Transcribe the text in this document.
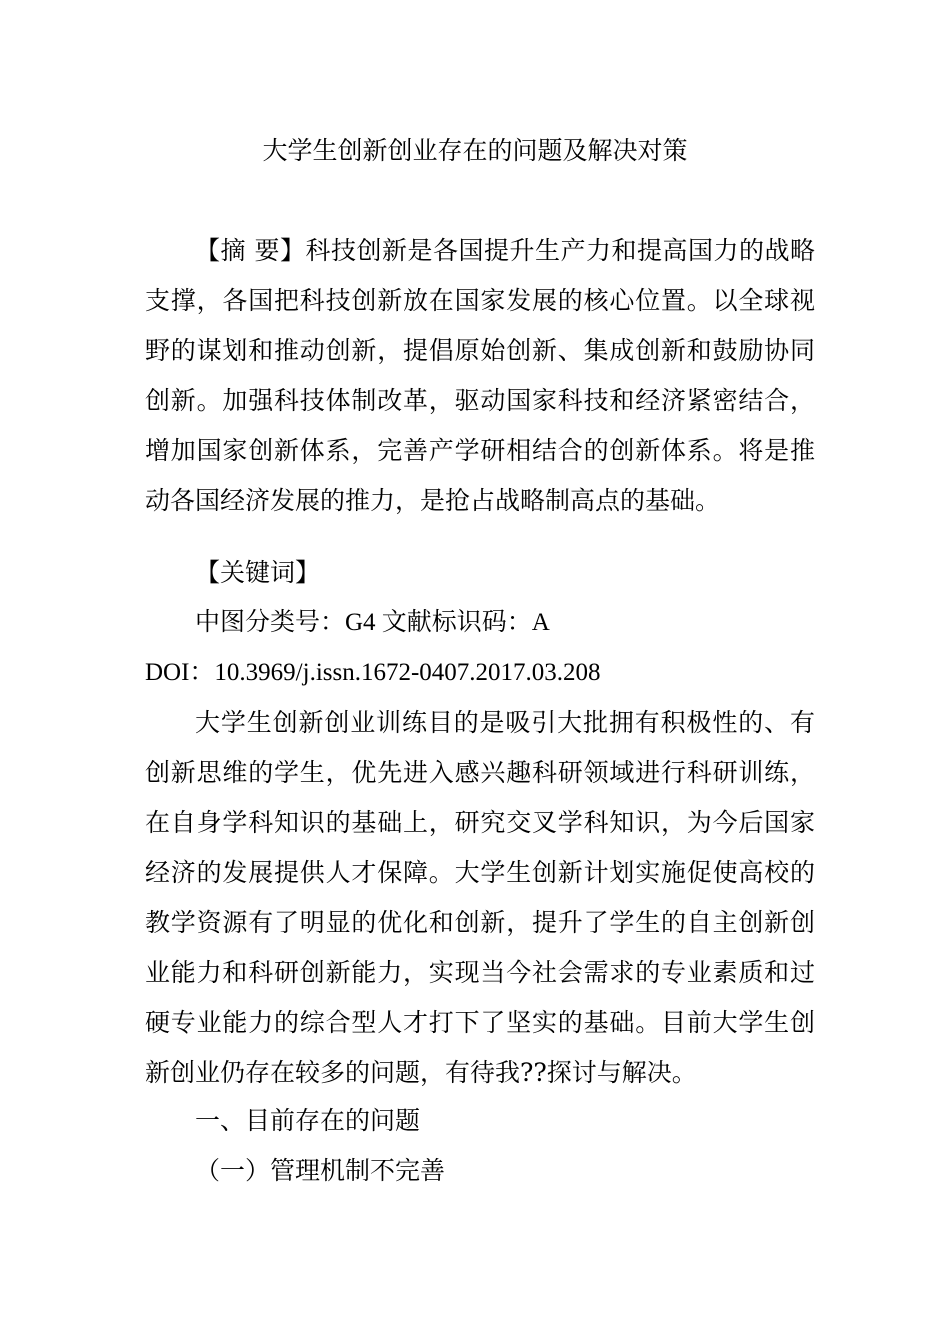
大学生创新创业存在的问题及解决对策

【摘 要】科技创新是各国提升生产力和提高国力的战略支撑，各国把科技创新放在国家发展的核心位置。以全球视野的谋划和推动创新，提倡原始创新、集成创新和鼓励协同创新。加强科技体制改革，驱动国家科技和经济紧密结合，增加国家创新体系，完善产学研相结合的创新体系。将是推动各国经济发展的推力，是抢占战略制高点的基础。

【关键词】

中图分类号：G4 文献标识码：A

DOI：10.3969/j.issn.1672-0407.2017.03.208

大学生创新创业训练目的是吸引大批拥有积极性的、有创新思维的学生，优先进入感兴趣科研领域进行科研训练，在自身学科知识的基础上，研究交叉学科知识，为今后国家经济的发展提供人才保障。大学生创新计划实施促使高校的教学资源有了明显的优化和创新，提升了学生的自主创新创业能力和科研创新能力，实现当今社会需求的专业素质和过硬专业能力的综合型人才打下了坚实的基础。目前大学生创新创业仍存在较多的问题，有待我??探讨与解决。

一、目前存在的问题

（一）管理机制不完善
